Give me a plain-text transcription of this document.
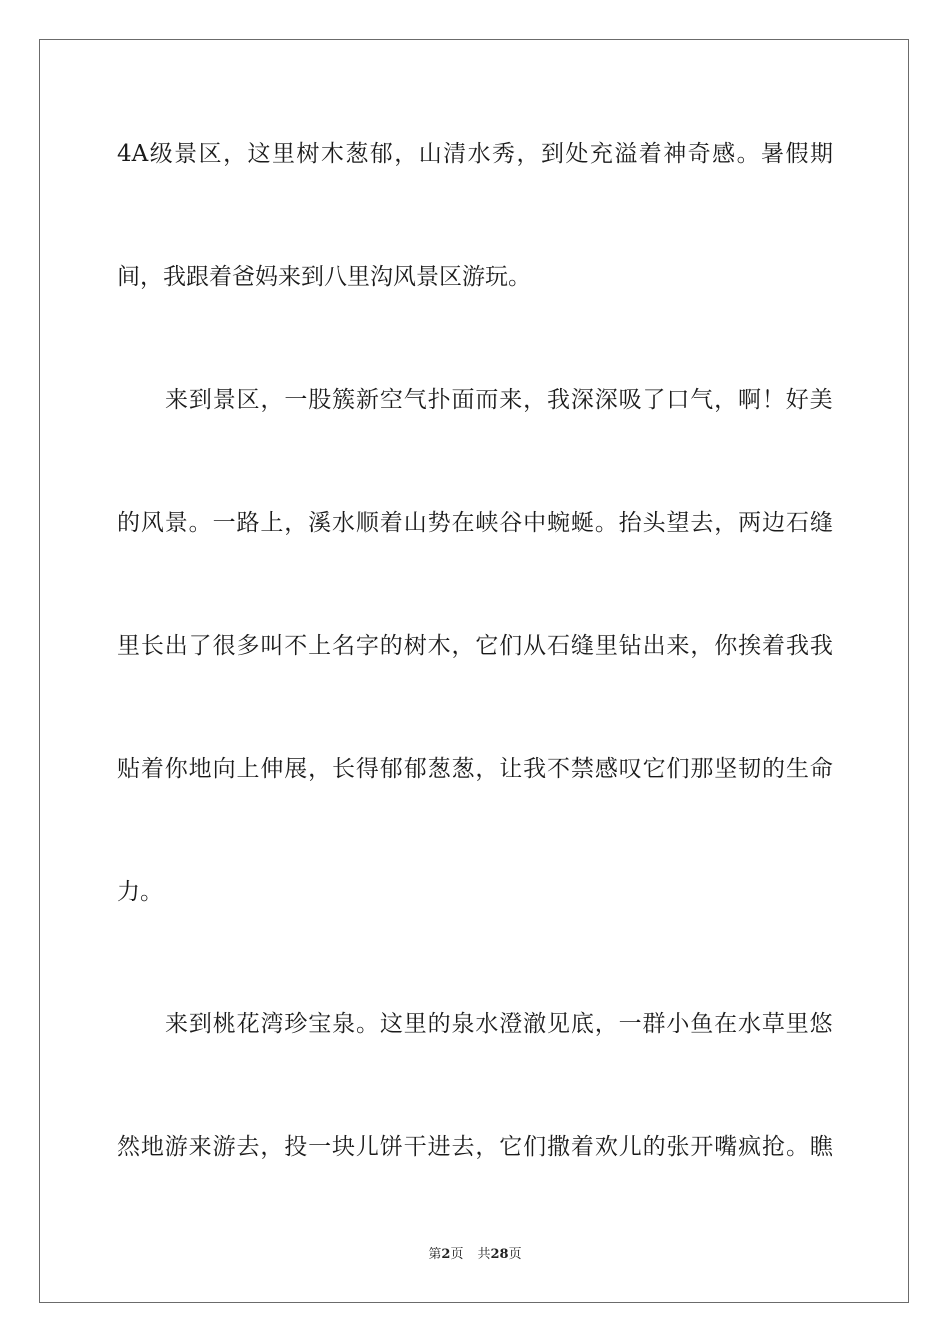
4A 级 景 区 ， 这 里 树 木 葱 郁 ， 山 清 水 秀 ， 到 处 充 溢 着 神 奇 感 。 暑 假 期
间，我跟着爸妈来到八里沟风景区游玩。
来 到 景 区 ， 一 股 簇 新 空 气 扑 面 而 来 ， 我 深 深 吸 了 口 气 ， 啊 ！ 好 美
的 风 景 。 一 路 上 ， 溪 水 顺 着 山 势 在 峡 谷 中 蜿 蜒 。 抬 头 望 去 ， 两 边 石 缝
里 长 出 了 很 多 叫 不 上 名 字 的 树 木 ， 它 们 从 石 缝 里 钻 出 来 ， 你 挨 着 我 我
贴 着 你 地 向 上 伸 展 ， 长 得 郁 郁 葱 葱 ， 让 我 不 禁 感 叹 它 们 那 坚 韧 的 生 命
力。
来 到 桃 花 湾 珍 宝 泉 。 这 里 的 泉 水 澄 澈 见 底 ， 一 群 小 鱼 在 水 草 里 悠
然 地 游 来 游 去 ， 投 一 块 儿 饼 干 进 去 ， 它 们 撒 着 欢 儿 的 张 开 嘴 疯 抢 。 瞧
第2页 共28页
